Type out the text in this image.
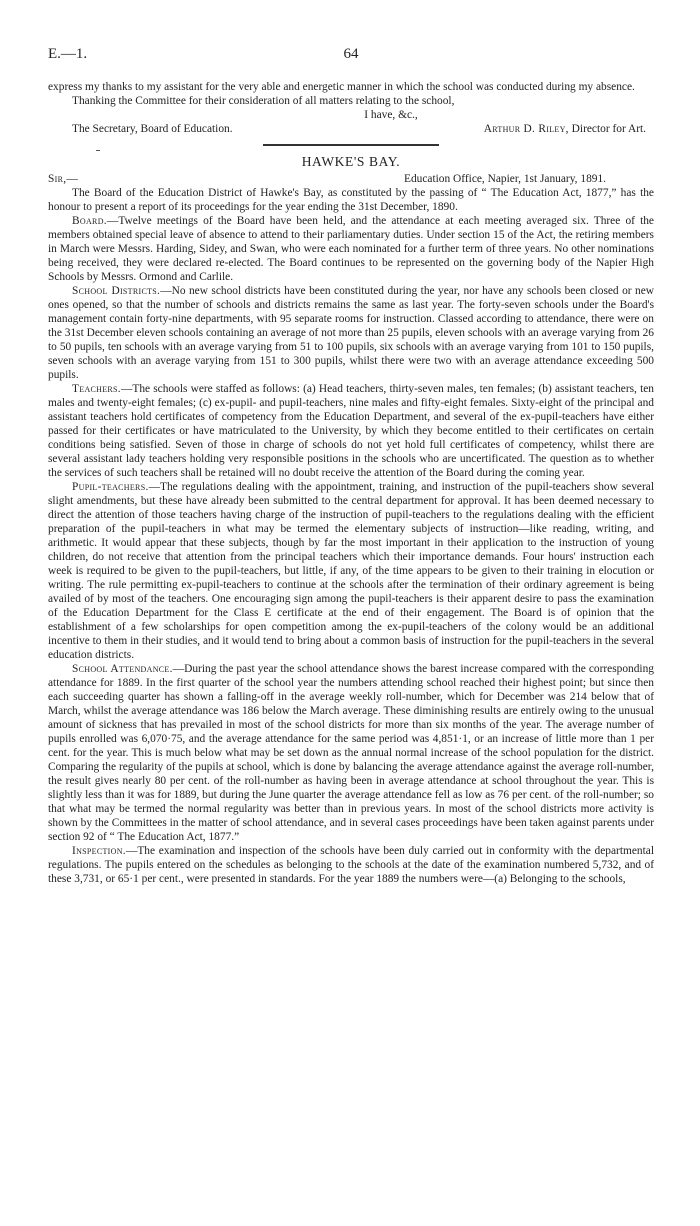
E.—1.	64

express my thanks to my assistant for the very able and energetic manner in which the school was conducted during my absence.

Thanking the Committee for their consideration of all matters relating to the school,

I have, &c.,
The Secretary, Board of Education.	Arthur D. Riley, Director for Art.
HAWKE'S BAY.
Sir,—	Education Office, Napier, 1st January, 1891.

The Board of the Education District of Hawke's Bay, as constituted by the passing of “ The Education Act, 1877,” has the honour to present a report of its proceedings for the year ending the 31st December, 1890.

Board.—Twelve meetings of the Board have been held, and the attendance at each meeting averaged six. Three of the members obtained special leave of absence to attend to their parliamentary duties. Under section 15 of the Act, the retiring members in March were Messrs. Harding, Sidey, and Swan, who were each nominated for a further term of three years. No other nominations being received, they were declared re-elected. The Board continues to be represented on the governing body of the Napier High Schools by Messrs. Ormond and Carlile.

School Districts.—No new school districts have been constituted during the year, nor have any schools been closed or new ones opened, so that the number of schools and districts remains the same as last year. The forty-seven schools under the Board's management contain forty-nine departments, with 95 separate rooms for instruction. Classed according to attendance, there were on the 31st December eleven schools containing an average of not more than 25 pupils, eleven schools with an average varying from 26 to 50 pupils, ten schools with an average varying from 51 to 100 pupils, six schools with an average varying from 101 to 150 pupils, seven schools with an average varying from 151 to 300 pupils, whilst there were two with an average attendance exceeding 500 pupils.

Teachers.—The schools were staffed as follows: (a) Head teachers, thirty-seven males, ten females; (b) assistant teachers, ten males and twenty-eight females; (c) ex-pupil- and pupil-teachers, nine males and fifty-eight females. Sixty-eight of the principal and assistant teachers hold certificates of competency from the Education Department, and several of the ex-pupil-teachers have either passed for their certificates or have matriculated to the University, by which they become entitled to their certificates on certain conditions being satisfied. Seven of those in charge of schools do not yet hold full certificates of competency, whilst there are several assistant lady teachers holding very responsible positions in the schools who are uncertificated. The question as to whether the services of such teachers shall be retained will no doubt receive the attention of the Board during the coming year.

Pupil-teachers.—The regulations dealing with the appointment, training, and instruction of the pupil-teachers show several slight amendments, but these have already been submitted to the central department for approval. It has been deemed necessary to direct the attention of those teachers having charge of the instruction of pupil-teachers to the regulations dealing with the efficient preparation of the pupil-teachers in what may be termed the elementary subjects of instruction—like reading, writing, and arithmetic. It would appear that these subjects, though by far the most important in their application to the instruction of young children, do not receive that attention from the principal teachers which their importance demands. Four hours' instruction each week is required to be given to the pupil-teachers, but little, if any, of the time appears to be given to their training in elocution or writing. The rule permitting ex-pupil-teachers to continue at the schools after the termination of their ordinary agreement is being availed of by most of the teachers. One encouraging sign among the pupil-teachers is their apparent desire to pass the examination of the Education Department for the Class E certificate at the end of their engagement. The Board is of opinion that the establishment of a few scholarships for open competition among the ex-pupil-teachers of the colony would be an additional incentive to them in their studies, and it would tend to bring about a common basis of instruction for the pupil-teachers in the several education districts.

School Attendance.—During the past year the school attendance shows the barest increase compared with the corresponding attendance for 1889. In the first quarter of the school year the numbers attending school reached their highest point; but since then each succeeding quarter has shown a falling-off in the average weekly roll-number, which for December was 214 below that of March, whilst the average attendance was 186 below the March average. These diminishing results are entirely owing to the unusual amount of sickness that has prevailed in most of the school districts for more than six months of the year. The average number of pupils enrolled was 6,070·75, and the average attendance for the same period was 4,851·1, or an increase of little more than 1 per cent. for the year. This is much below what may be set down as the annual normal increase of the school population for the district. Comparing the regularity of the pupils at school, which is done by balancing the average attendance against the average roll-number, the result gives nearly 80 per cent. of the roll-number as having been in average attendance at school throughout the year. This is slightly less than it was for 1889, but during the June quarter the average attendance fell as low as 76 per cent. of the roll-number; so that what may be termed the normal regularity was better than in previous years. In most of the school districts more activity is shown by the Committees in the matter of school attendance, and in several cases proceedings have been taken against parents under section 92 of “ The Education Act, 1877.”

Inspection.—The examination and inspection of the schools have been duly carried out in conformity with the departmental regulations. The pupils entered on the schedules as belonging to the schools at the date of the examination numbered 5,732, and of these 3,731, or 65·1 per cent., were presented in standards. For the year 1889 the numbers were—(a) Belonging to the schools,
